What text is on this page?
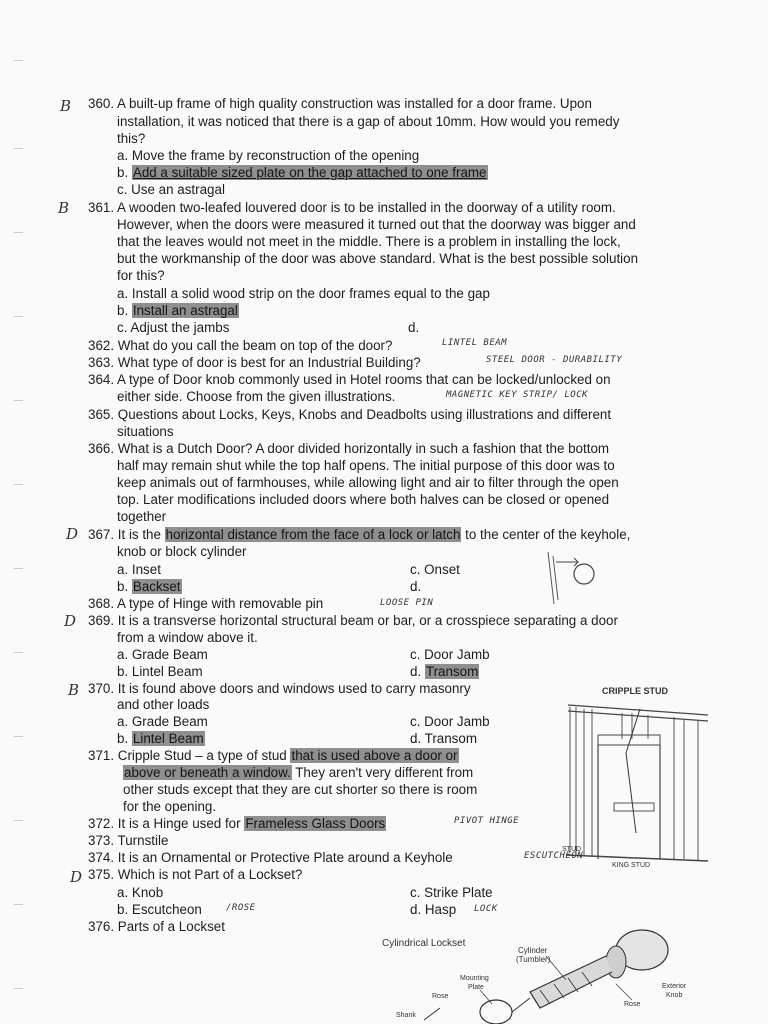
B 360. A built-up frame of high quality construction was installed for a door frame. Upon
installation, it was noticed that there is a gap of about 10mm. How would you remedy
this?
a. Move the frame by reconstruction of the opening
b. Add a suitable sized plate on the gap attached to one frame
c. Use an astragal
B 361. A wooden two-leafed louvered door is to be installed in the doorway of a utility room.
However, when the doors were measured it turned out that the doorway was bigger and
that the leaves would not meet in the middle. There is a problem in installing the lock,
but the workmanship of the door was above standard. What is the best possible solution
for this?
a. Install a solid wood strip on the door frames equal to the gap
b. Install an astragal
c. Adjust the jambs	d.
362. What do you call the beam on top of the door?	LINTEL BEAM
363. What type of door is best for an Industrial Building?	STEEL DOOR - DURABILITY
364. A type of Door knob commonly used in Hotel rooms that can be locked/unlocked on
either side. Choose from the given illustrations.	MAGNETIC KEY STRIP/ LOCK
365. Questions about Locks, Keys, Knobs and Deadbolts using illustrations and different
situations
366. What is a Dutch Door? A door divided horizontally in such a fashion that the bottom
half may remain shut while the top half opens. The initial purpose of this door was to
keep animals out of farmhouses, while allowing light and air to filter through the open
top. Later modifications included doors where both halves can be closed or opened
together
D 367. It is the horizontal distance from the face of a lock or latch to the center of the keyhole,
knob or block cylinder
a. Inset
b. Backset
c. Onset
d.
368. A type of Hinge with removable pin	LOOSE PIN
D 369. It is a transverse horizontal structural beam or bar, or a crosspiece separating a door
from a window above it.
a. Grade Beam
b. Lintel Beam
c. Door Jamb
d. Transom
B 370. It is found above doors and windows used to carry masonry
and other loads
a. Grade Beam
b. Lintel Beam
c. Door Jamb
d. Transom
371. Cripple Stud – a type of stud that is used above a door or
above or beneath a window. They aren't very different from
other studs except that they are cut shorter so there is room
for the opening.
CRIPPLE STUD
STUD
KING STUD
372. It is a Hinge used for Frameless Glass Doors	PIVOT HINGE
373. Turnstile
374. It is an Ornamental or Protective Plate around a Keyhole	ESCUTCHEON
D 375. Which is not Part of a Lockset?
a. Knob
b. Escutcheon	/ROSE
c. Strike Plate
d. Hasp LOCK
376. Parts of a Lockset
Cylindrical Lockset
Cylinder
(Tumbler)
Mounting
Plate
Rose
Rose
Exterior
Knob
Shank
